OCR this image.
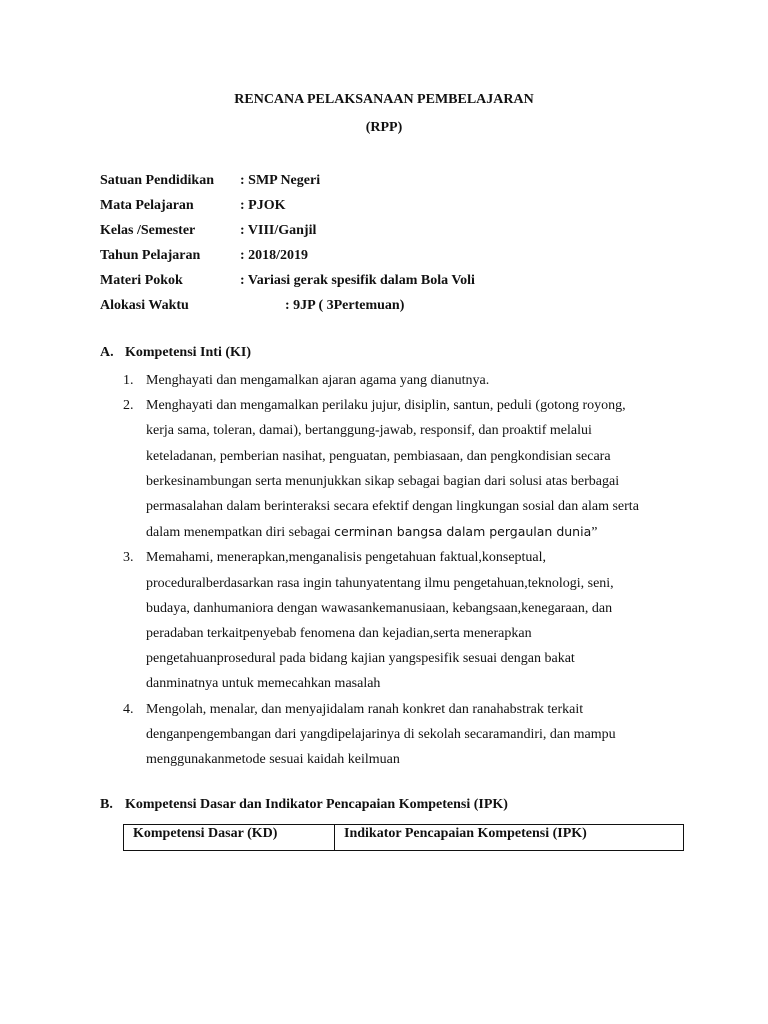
RENCANA PELAKSANAAN PEMBELAJARAN
(RPP)
Satuan Pendidikan : SMP Negeri
Mata Pelajaran	: PJOK
Kelas /Semester	: VIII/Ganjil
Tahun Pelajaran	: 2018/2019
Materi Pokok	: Variasi gerak spesifik dalam Bola Voli
Alokasi Waktu	: 9JP ( 3Pertemuan)
A. Kompetensi Inti (KI)
1. Menghayati dan mengamalkan ajaran agama yang dianutnya.
2. Menghayati dan mengamalkan perilaku jujur, disiplin, santun, peduli (gotong royong,
kerja sama, toleran, damai), bertanggung-jawab, responsif, dan proaktif melalui
keteladanan, pemberian nasihat, penguatan, pembiasaan, dan pengkondisian secara
berkesinambungan serta menunjukkan sikap sebagai bagian dari solusi atas berbagai
permasalahan dalam berinteraksi secara efektif dengan lingkungan sosial dan alam serta
dalam menempatkan diri sebagai cerminan bangsa dalam pergaulan dunia”
3. Memahami, menerapkan,menganalisis pengetahuan faktual,konseptual,
proceduralberdasarkan rasa ingin tahunyatentang ilmu pengetahuan,teknologi, seni,
budaya, danhumaniora dengan wawasankemanusiaan, kebangsaan,kenegaraan, dan
peradaban terkaitpenyebab fenomena dan kejadian,serta menerapkan
pengetahuanprosedural pada bidang kajian yangspesifik sesuai dengan bakat
danminatnya untuk memecahkan masalah
4. Mengolah, menalar, dan menyajidalam ranah konkret dan ranahabstrak terkait
denganpengembangan dari yangdipelajarinya di sekolah secaramandiri, dan mampu
menggunakanmetode sesuai kaidah keilmuan
B. Kompetensi Dasar dan Indikator Pencapaian Kompetensi (IPK)
Kompetensi Dasar (KD)	Indikator Pencapaian Kompetensi (IPK)
